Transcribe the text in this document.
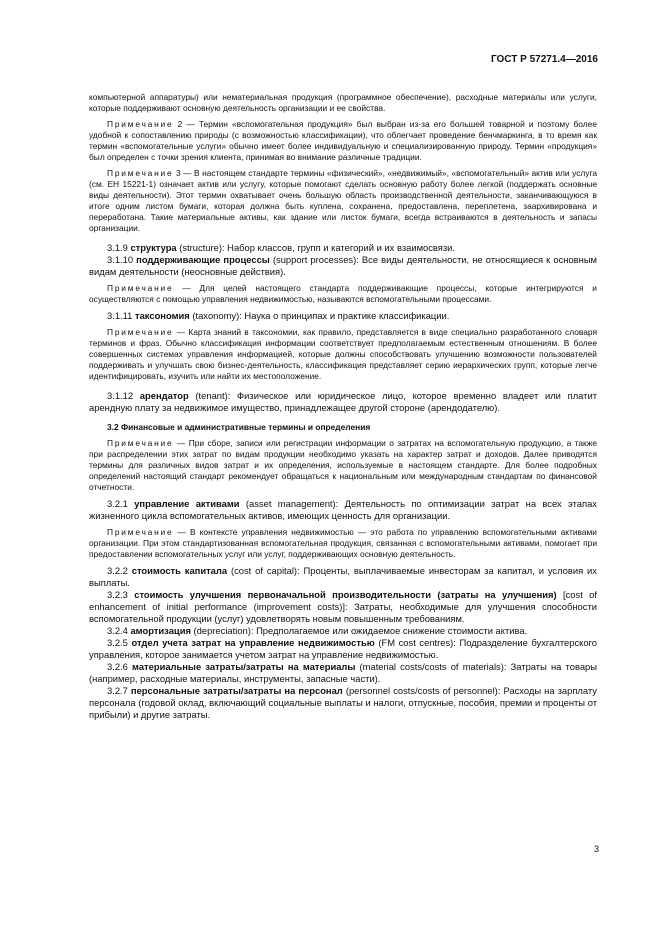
ГОСТ Р 57271.4—2016

компьютерной аппаратуры) или нематериальная продукция (программное обеспечение), расходные материалы или услуги, которые поддерживают основную деятельность организации и ее свойства.

Примечание 2 — Термин «вспомогательная продукция» был выбран из-за его большей товарной и поэтому более удобной к сопоставлению природы (с возможностью классификации), что облегчает проведение бенчмаркинга, в то время как термин «вспомогательные услуги» обычно имеет более индивидуальную и специализированную природу. Термин «продукция» был определен с точки зрения клиента, принимая во внимание различные традиции.

Примечание 3 — В настоящем стандарте термины «физический», «недвижимый», «вспомогательный» актив или услуга (см. ЕН 15221-1) означает актив или услугу, которые помогают сделать основную работу более легкой (поддержать основные виды деятельности). Этот термин охватывает очень большую область производственной деятельности, заканчивающуюся в итоге одним листом бумаги, которая должна быть куплена, сохранена, предоставлена, переплетена, заархивирована и переработана. Такие материальные активы, как здание или листок бумаги, всегда встраиваются в деятельность и запасы организации.

3.1.9 структура (structure): Набор классов, групп и категорий и их взаимосвязи.

3.1.10 поддерживающие процессы (support processes): Все виды деятельности, не относящиеся к основным видам деятельности (неосновные действия).

Примечание — Для целей настоящего стандарта поддерживающие процессы, которые интегрируются и осуществляются с помощью управления недвижимостью, называются вспомогательными процессами.

3.1.11 таксономия (taxonomy): Наука о принципах и практике классификации.

Примечание — Карта знаний в таксономии, как правило, представляется в виде специально разработанного словаря терминов и фраз. Обычно классификация информации соответствует предполагаемым естественным отношениям. В более совершенных системах управления информацией, которые должны способствовать улучшению возможности пользователей поддерживать и улучшать свою бизнес-деятельность, классификация представляет серию иерархических групп, которые легче идентифицировать, изучить или найти их местоположение.

3.1.12 арендатор (tenant): Физическое или юридическое лицо, которое временно владеет или платит арендную плату за недвижимое имущество, принадлежащее другой стороне (арендодателю).

3.2 Финансовые и административные термины и определения

Примечание — При сборе, записи или регистрации информации о затратах на вспомогательную продукцию, а также при распределении этих затрат по видам продукции необходимо указать на характер затрат и доходов. Далее приводятся термины для различных видов затрат и их определения, используемые в настоящем стандарте. Для более подробных определений настоящий стандарт рекомендует обращаться к национальным или международным стандартам по финансовой отчетности.

3.2.1 управление активами (asset management): Деятельность по оптимизации затрат на всех этапах жизненного цикла вспомогательных активов, имеющих ценность для организации.

Примечание — В контексте управления недвижимостью — это работа по управлению вспомогательными активами организации. При этом стандартизованная вспомогательная продукция, связанная с вспомогательными активами, помогает при предоставлении вспомогательных услуг или услуг, поддерживающих основную деятельность.

3.2.2 стоимость капитала (cost of capital): Проценты, выплачиваемые инвесторам за капитал, и условия их выплаты.

3.2.3 стоимость улучшения первоначальной производительности (затраты на улучшения) [cost of enhancement of initial performance (improvement costs)]: Затраты, необходимые для улучшения способности вспомогательной продукции (услуг) удовлетворять новым повышенным требованиям.

3.2.4 амортизация (depreciation): Предполагаемое или ожидаемое снижение стоимости актива.

3.2.5 отдел учета затрат на управление недвижимостью (FM cost centres): Подразделение бухгалтерского управления, которое занимается учетом затрат на управление недвижимостью.

3.2.6 материальные затраты/затраты на материалы (material costs/costs of materials): Затраты на товары (например, расходные материалы, инструменты, запасные части).

3.2.7 персональные затраты/затраты на персонал (personnel costs/costs of personnel): Расходы на зарплату персонала (годовой оклад, включающий социальные выплаты и налоги, отпускные, пособия, премии и проценты от прибыли) и другие затраты.

3
